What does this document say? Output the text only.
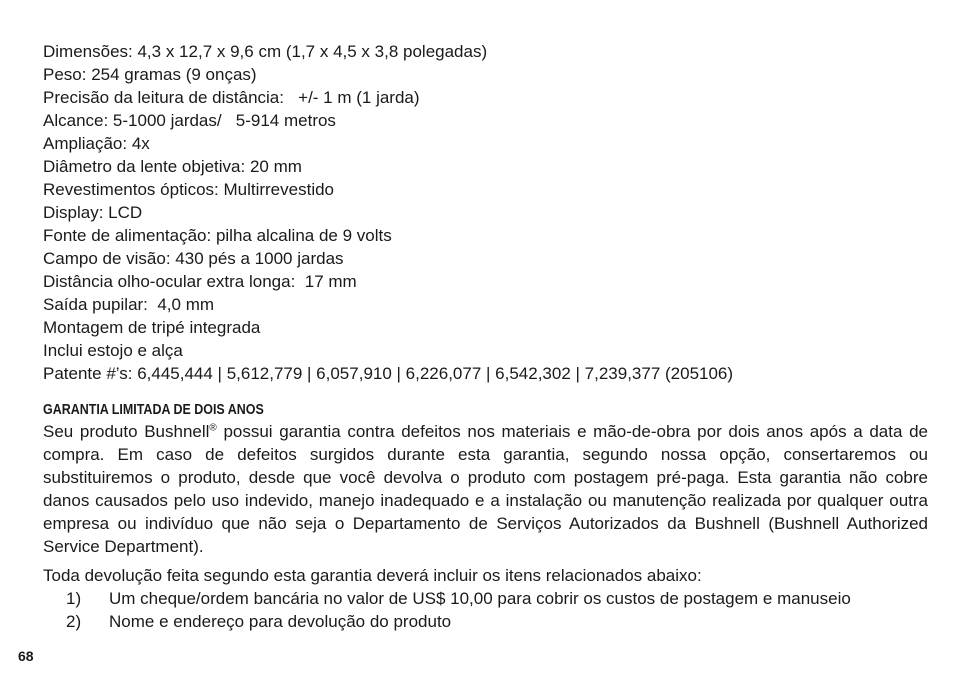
Dimensões: 4,3 x 12,7 x 9,6 cm (1,7 x 4,5 x 3,8 polegadas)
Peso: 254 gramas (9 onças)
Precisão da leitura de distância:   +/- 1 m (1 jarda)
Alcance: 5-1000 jardas/   5-914 metros
Ampliação: 4x
Diâmetro da lente objetiva: 20 mm
Revestimentos ópticos: Multirrevestido
Display: LCD
Fonte de alimentação: pilha alcalina de 9 volts
Campo de visão: 430 pés a 1000 jardas
Distância olho-ocular extra longa:  17 mm
Saída pupilar:  4,0 mm
Montagem de tripé integrada
Inclui estojo e alça
Patente #’s: 6,445,444 | 5,612,779 | 6,057,910 | 6,226,077 | 6,542,302 | 7,239,377 (205106)
GARANTIA LIMITADA DE DOIS ANOS

Seu produto Bushnell® possui garantia contra defeitos nos materiais e mão-de-obra por dois anos após a data de compra. Em caso de defeitos surgidos durante esta garantia, segundo nossa opção, consertaremos ou substituiremos o produto, desde que você devolva o produto com postagem pré-paga. Esta garantia não cobre danos causados pelo uso indevido, manejo inadequado e a instalação ou manutenção realizada por qualquer outra empresa ou indivíduo que não seja o Departamento de Serviços Autorizados da Bushnell (Bushnell Authorized Service Department).

Toda devolução feita segundo esta garantia deverá incluir os itens relacionados abaixo:
1) Um cheque/ordem bancária no valor de US$ 10,00 para cobrir os custos de postagem e manuseio
2) Nome e endereço para devolução do produto
68
